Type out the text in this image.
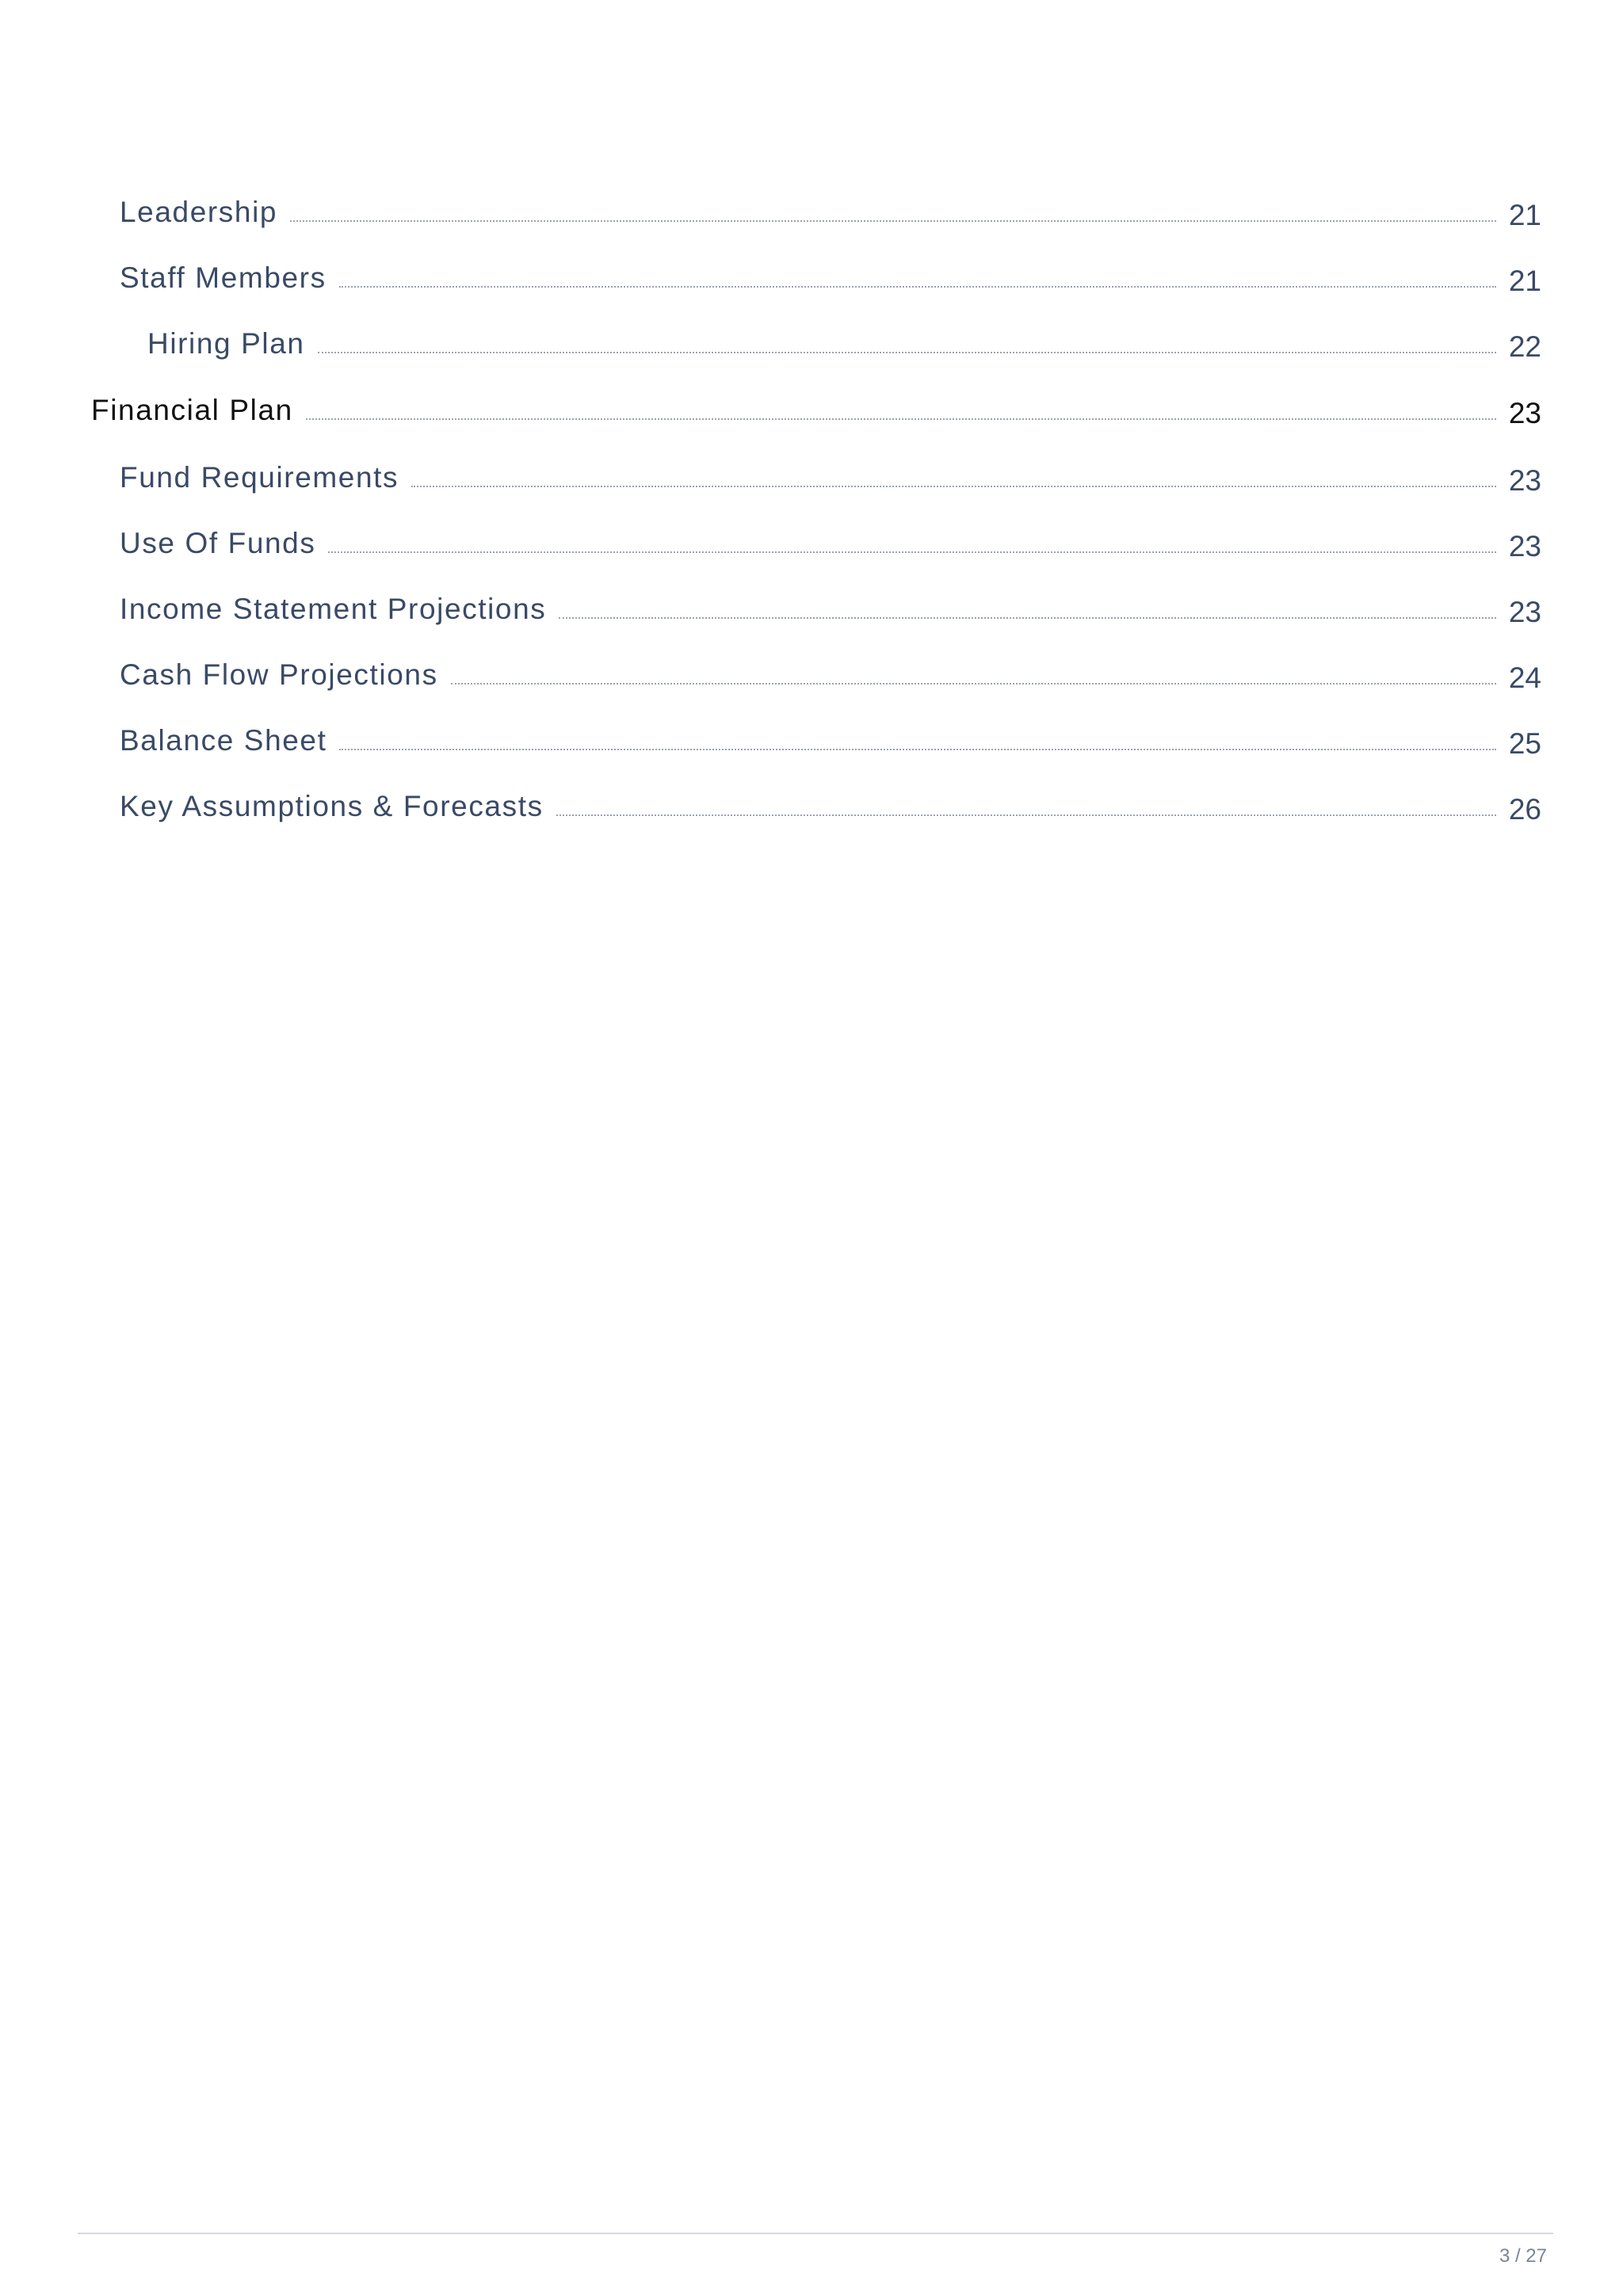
Leadership	21
Staff Members	21
Hiring Plan	22
Financial Plan	23
Fund Requirements	23
Use Of Funds	23
Income Statement Projections	23
Cash Flow Projections	24
Balance Sheet	25
Key Assumptions & Forecasts	26
3 / 27
